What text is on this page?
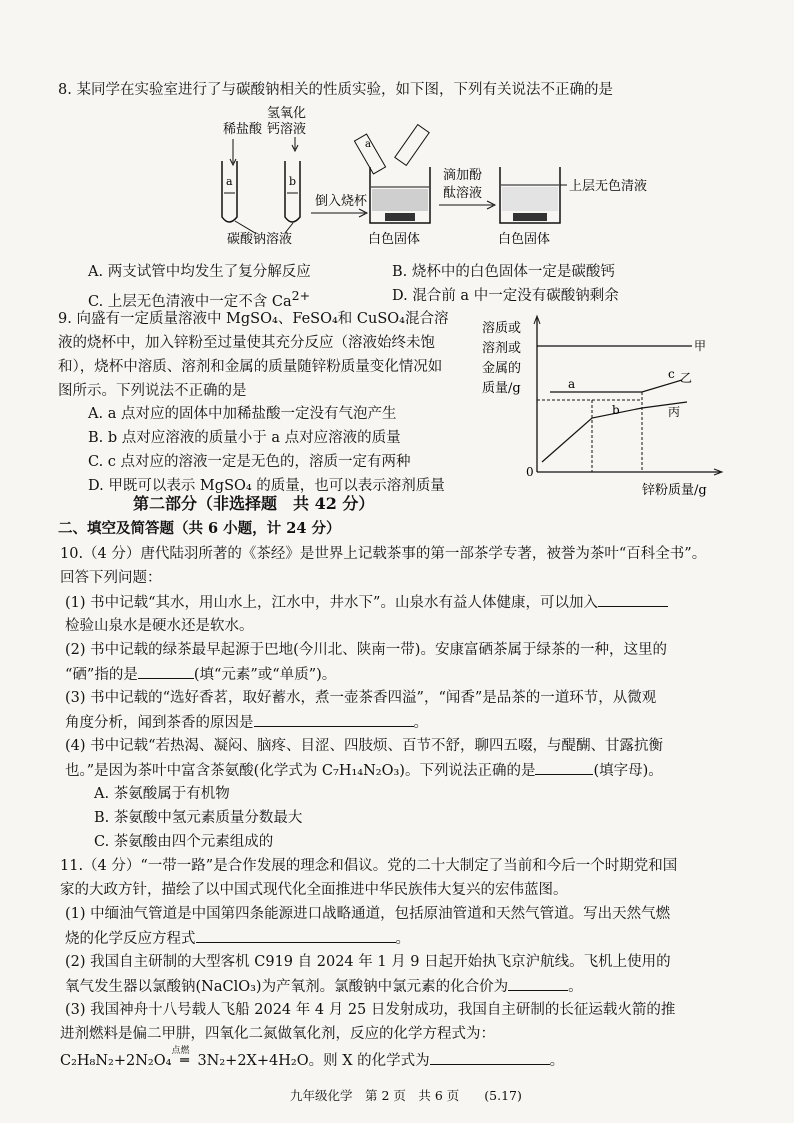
8. 某同学在实验室进行了与碳酸钠相关的性质实验，如下图，下列有关说法不正确的是
稀盐酸
氢氧化
钙溶液
a	b
碳酸钠溶液
倒入烧杯
a
白色固体
滴加酚
酞溶液	上层无色清液
白色固体
A. 两支试管中均发生了复分解反应	B. 烧杯中的白色固体一定是碳酸钙
C. 上层无色清液中一定不含 $Ca^{2+}$	D. 混合前 a 中一定没有碳酸钠剩余
9. 向盛有一定质量溶液中 MgSO₄、FeSO₄和 CuSO₄混合溶
液的烧杯中，加入锌粉至过量使其充分反应（溶液始终未饱
和），烧杯中溶质、溶剂和金属的质量随锌粉质量变化情况如
图所示。下列说法不正确的是
A. a 点对应的固体中加稀盐酸一定没有气泡产生
B. b 点对应溶液的质量小于 a 点对应溶液的质量
C. c 点对应的溶液一定是无色的，溶质一定有两种
D. 甲既可以表示 MgSO₄ 的质量，也可以表示溶剂质量
溶质或
溶剂或
金属的
质量/g
0
甲
乙
丙
a
b
c
锌粉质量/g
第二部分（非选择题　共 42 分）
二、填空及简答题（共 6 小题，计 24 分）
10.（4 分）唐代陆羽所著的《茶经》是世界上记载茶事的第一部茶学专著，被誉为茶叶“百科全书”。
回答下列问题：
(1) 书中记载“其水，用山水上，江水中，井水下”。山泉水有益人体健康，可以加入
检验山泉水是硬水还是软水。
(2) 书中记载的绿茶最早起源于巴地(今川北、陕南一带)。安康富硒茶属于绿茶的一种，这里的
“硒”指的是	(填“元素”或“单质”)。
(3) 书中记载的“选好香茗，取好蓄水，煮一壶茶香四溢”，“闻香”是品茶的一道环节，从微观
角度分析，闻到茶香的原因是	。
(4) 书中记载“若热渴、凝闷、脑疼、目涩、四肢烦、百节不舒，聊四五啜，与醍醐、甘露抗衡
也。”是因为茶叶中富含茶氨酸(化学式为 C₇H₁₄N₂O₃)。下列说法正确的是	(填字母)。
A. 茶氨酸属于有机物
B. 茶氨酸中氢元素质量分数最大
C. 茶氨酸由四个元素组成的
11.（4 分）“一带一路”是合作发展的理念和倡议。党的二十大制定了当前和今后一个时期党和国
家的大政方针，描绘了以中国式现代化全面推进中华民族伟大复兴的宏伟蓝图。
(1) 中缅油气管道是中国第四条能源进口战略通道，包括原油管道和天然气管道。写出天然气燃
烧的化学反应方程式	。
(2) 我国自主研制的大型客机 C919 自 2024 年 1 月 9 日起开始执飞京沪航线。飞机上使用的
氧气发生器以氯酸钠(NaClO₃)为产氧剂。氯酸钠中氯元素的化合价为	。
(3) 我国神舟十八号载人飞船 2024 年 4 月 25 日发射成功，我国自主研制的长征运载火箭的推
进剂燃料是偏二甲肼，四氧化二氮做氧化剂，反应的化学方程式为：
C₂H₈N₂+2N₂O₄
点燃
═ 3N₂+2X+4H₂O。则 X 的化学式为	。
九年级化学　第 2 页　共 6 页　　(5.17)
